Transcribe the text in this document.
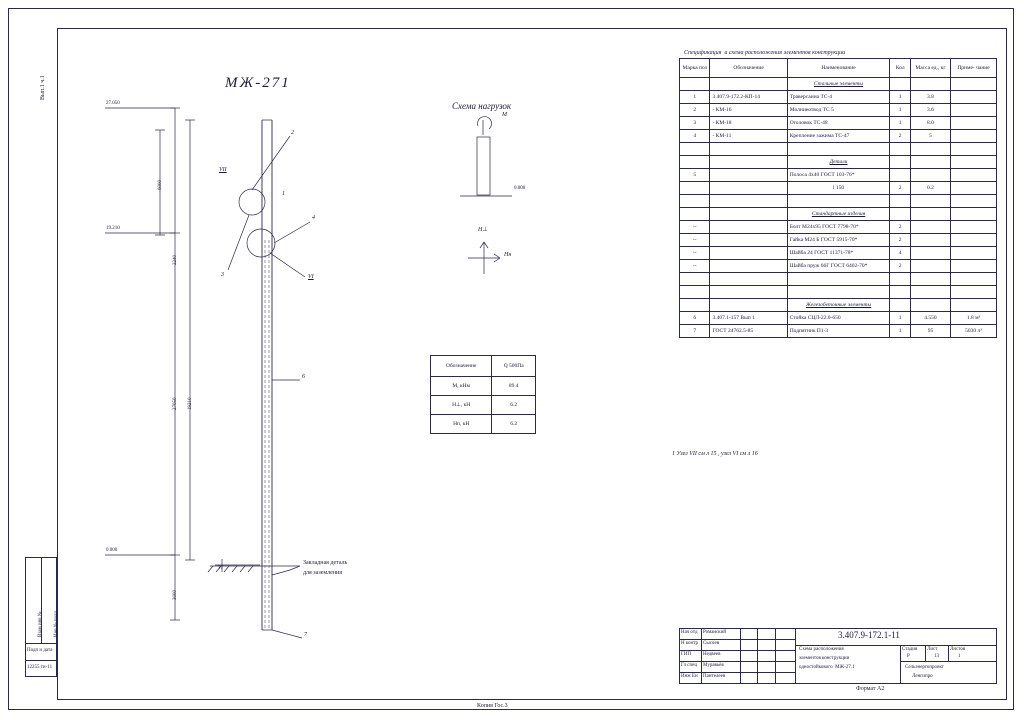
Взам инв № Инв № подл
Подп и дата
12255 ти-11
Вып.1 ч.1	МЖ-271
27.050
19.210
0.000
6000
2240
27050 19210
3000
1
2
3
4
6
7
VII
VI
VI
Закладная деталь
для заземления
Схема нагрузок
М
0.000
Н⊥
Нн
Обозначение	Q 500Па
М, кНм	89.4
Н⊥, кН	6.2
Нп, кН	6.2
1 Узел VII см л 15 , узел VI см л 16
Спецификация  и схема расположения элементов конструкции
Марка поз	Обозначение	Наименование	Кол	Масса ед., кг	Приме- чание
		Стальные элементы			
1	3.407.9-172.2-КП-14	Траверсаина ТС-4	1	3.8	
2	- КМ-16	Молниеотвод ТС 5	1	3.6	
3	- КМ-18	Оголовок ТС-48	1	8.0	
4	- КМ-11	Крепление зажима ТС-47	2	5	

		Детали			
5		Полоса 4х40 ГОСТ 103-76*			
		l 150	2	0.2	

		Стандартные изделия			
--		Болт М24х95 ГОСТ 7798-70*	2		
--		Гайка М24 Б ГОСТ 5915-70*	2		
--		Шайба 24 ГОСТ 11371-78*	4		
--		Шайба пруж 66Г ГОСТ 6402-70*	2		

		Железобетонные элементы			
6	3.407.1-157 Вып 1	Стойка СЦЛ-22.0-650	1	4.550	1.8 м³
7	ГОСТ 24762.5-85	Подпятник П1-3	1	95	5030 л³
3.407.9-172.1-11
Схема расположения
элементов конструкции
одностойкового  МЖ-27.1
Стадия Лист	Листов
Р	13	1
Сельэнергопроект
Ленгипро
Нач отд Романский
Н контр Сысоев
ГИП Недвеев
Гл спец Муравьёв
Инж Ен Пантелеев
Формат А2
Копия Гос.3
